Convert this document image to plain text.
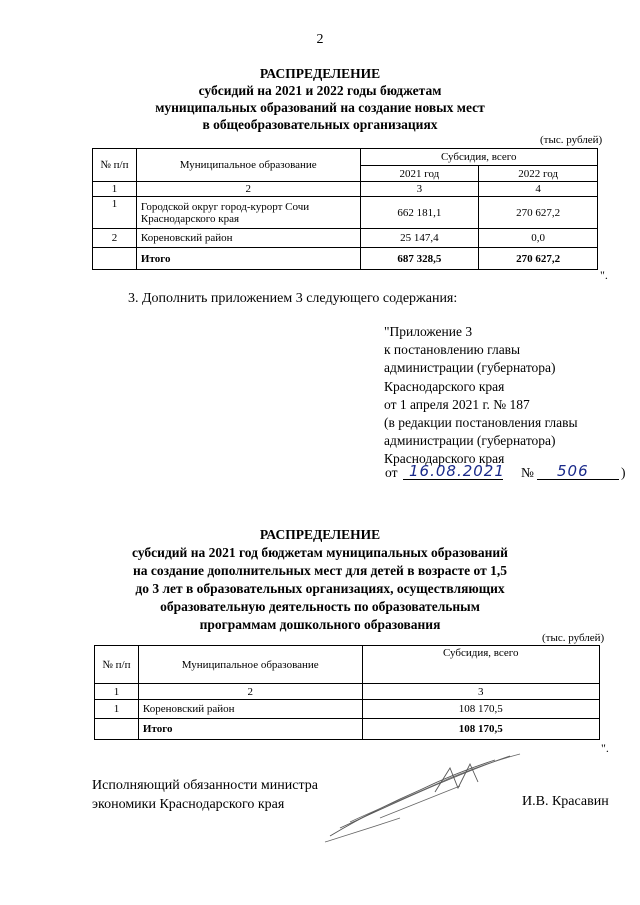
2
РАСПРЕДЕЛЕНИЕ
субсидий на 2021 и 2022 годы бюджетам
муниципальных образований на создание новых мест
в общеобразовательных организациях
(тыс. рублей)
№ п/п	Муниципальное образование	Субсидия, всего	
		2021 год	2022 год
1	2	3	4
1	Городской округ город-курорт Сочи Краснодарского края	662 181,1	270 627,2
2	Кореновский район	25 147,4	0,0
	Итого	687 328,5	270 627,2
".
3. Дополнить приложением 3 следующего содержания:
"Приложение 3
к постановлению главы
администрации (губернатора)
Краснодарского края
от 1 апреля 2021 г. № 187
(в редакции постановления главы
администрации (губернатора)
Краснодарского края
от 16.08.2021 № 506 )
РАСПРЕДЕЛЕНИЕ
субсидий на 2021 год бюджетам муниципальных образований
на создание дополнительных мест для детей в возрасте от 1,5
до 3 лет в образовательных организациях, осуществляющих
образовательную деятельность по образовательным
программам дошкольного образования
(тыс. рублей)
№ п/п	Муниципальное образование	Субсидия, всего
1	2	3
1	Кореновский район	108 170,5
	Итого	108 170,5
".
Исполняющий обязанности министра
экономики Краснодарского края	И.В. Красавин
